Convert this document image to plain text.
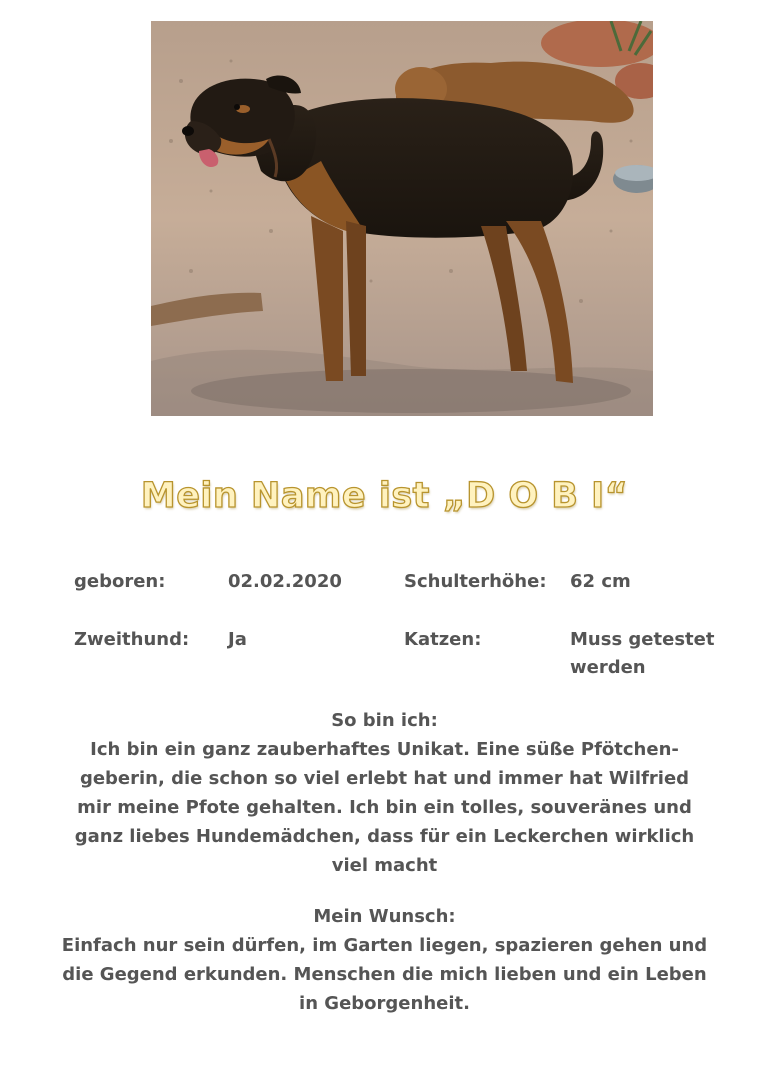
Mein Name ist „D O B I“
geboren:	02.02.2020	Schulterhöhe: 62 cm
Zweithund: Ja	Katzen:	Muss getestet werden
So bin ich:
Ich bin ein ganz zauberhaftes Unikat. Eine süße Pfötchen-geberin, die schon so viel erlebt hat und immer hat Wilfried mir meine Pfote gehalten. Ich bin ein tolles, souveränes und ganz liebes Hundemädchen, dass für ein Leckerchen wirklich viel macht
Mein Wunsch:
Einfach nur sein dürfen, im Garten liegen, spazieren gehen und die Gegend erkunden. Menschen die mich lieben und ein Leben in Geborgenheit.
